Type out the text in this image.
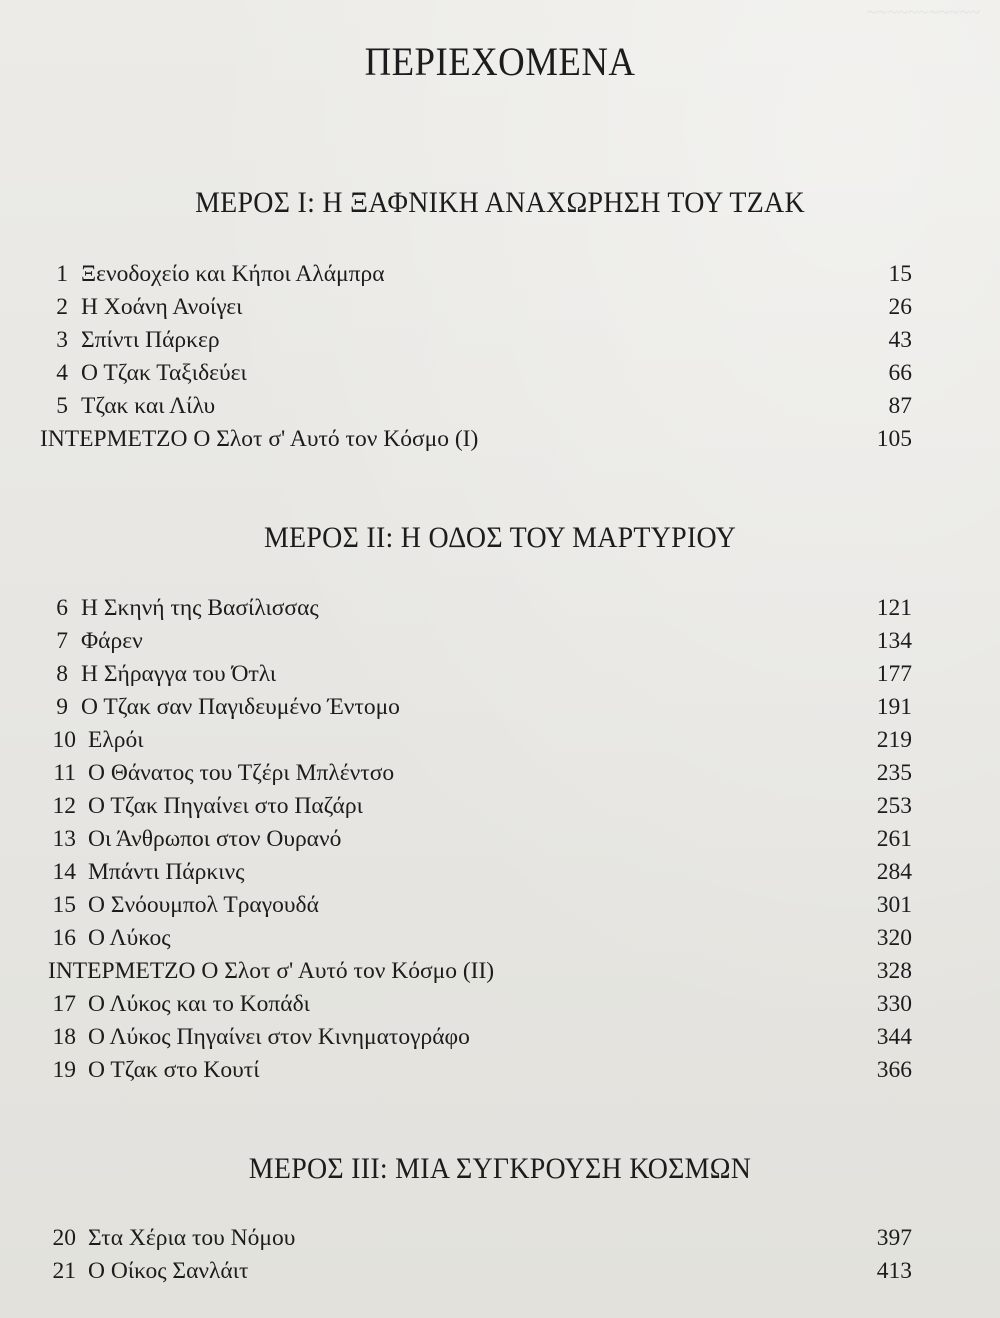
~~~~~~~~~~~
ΠΕΡΙΕΧΟΜΕΝΑ
ΜΕΡΟΣ Ι: Η ΞΑΦΝΙΚΗ ΑΝΑΧΩΡΗΣΗ ΤΟΥ ΤΖΑΚ
1 Ξενοδοχείο και Κήποι Αλάμπρα	15
2 Η Χοάνη Ανοίγει	26
3 Σπίντι Πάρκερ	43
4 Ο Τζακ Ταξιδεύει	66
5 Τζακ και Λίλυ	87
ΙΝΤΕΡΜΕΤΖΟ Ο Σλοτ σ' Αυτό τον Κόσμο (Ι)	105
ΜΕΡΟΣ ΙΙ: Η ΟΔΟΣ ΤΟΥ ΜΑΡΤΥΡΙΟΥ
6 Η Σκηνή της Βασίλισσας	121
7 Φάρεν	134
8 Η Σήραγγα του Όтλι	177
9 Ο Τζακ σαν Παγιδευμένο Έντομο	191
10 Ελρόι	219
11 Ο Θάνατος του Τζέρι Μπλέντσο	235
12 Ο Τζακ Πηγαίνει στο Παζάρι	253
13 Οι Άνθρωποι στον Ουρανό	261
14 Μπάντι Πάρκινς	284
15 Ο Σνόουμπολ Τραγουδά	301
16 Ο Λύκος	320
ΙΝΤΕΡΜΕΤΖΟ Ο Σλοτ σ' Αυτό τον Κόσμο (ΙΙ)	328
17 Ο Λύκος και το Κοπάδι	330
18 Ο Λύκος Πηγαίνει στον Κινηματογράφο	344
19 Ο Τζακ στο Κουτί	366
ΜΕΡΟΣ ΙΙΙ: ΜΙΑ ΣΥΓΚΡΟΥΣΗ ΚΟΣΜΩΝ
20 Στα Χέρια του Νόμου	397
21 Ο Οίκος Σανλάιτ	413
